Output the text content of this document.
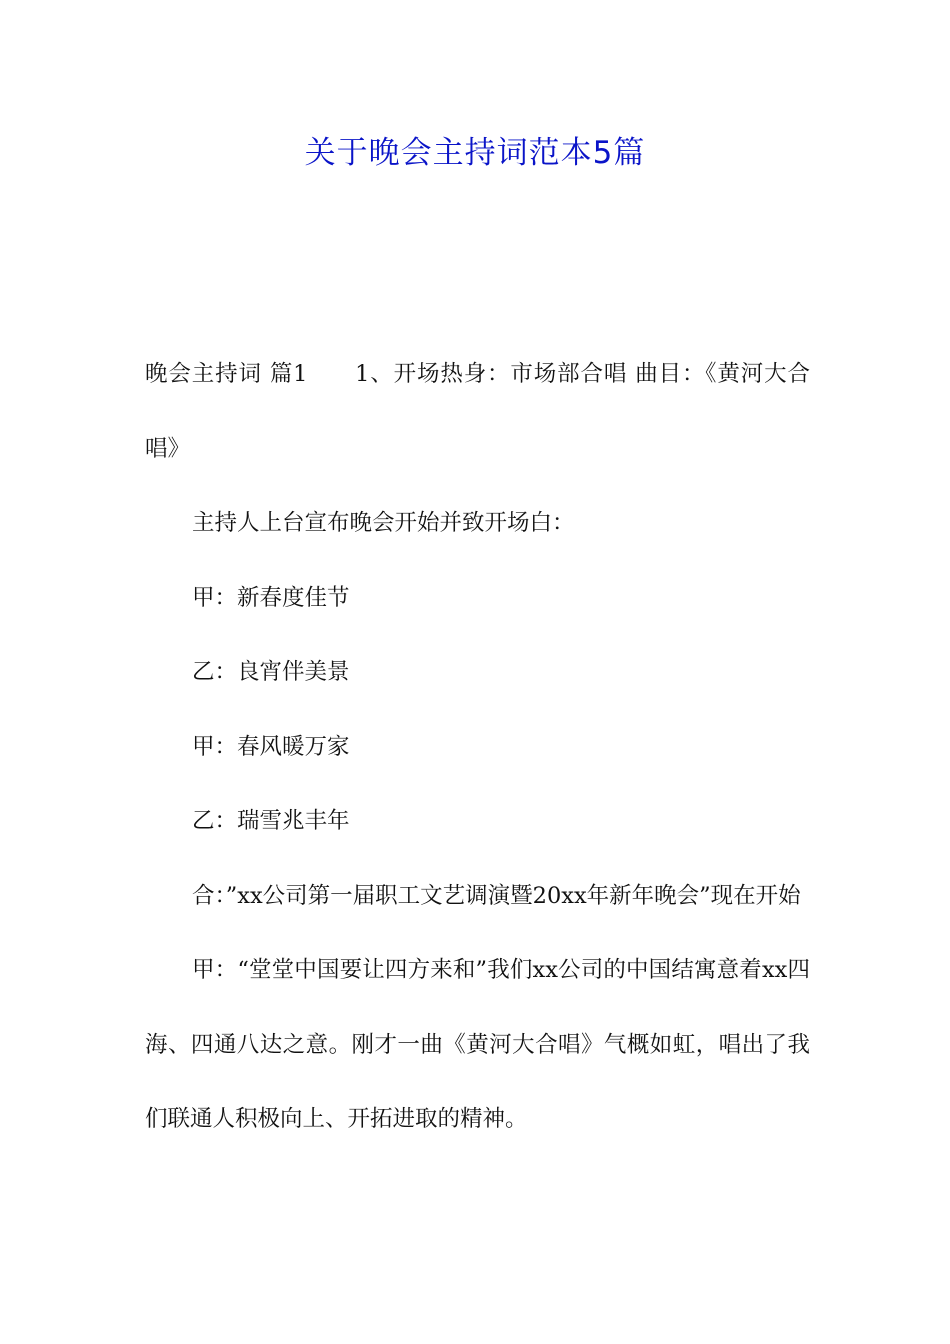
关于晚会主持词范本5篇

晚会主持词 篇1　　1、开场热身：市场部合唱 曲目：《黄河大合唱》

主持人上台宣布晚会开始并致开场白：

甲：新春度佳节

乙：良宵伴美景

甲：春风暖万家

乙：瑞雪兆丰年

合：”xx公司第一届职工文艺调演暨20xx年新年晚会”现在开始

甲：“堂堂中国要让四方来和”我们xx公司的中国结寓意着xx四海、四通八达之意。刚才一曲《黄河大合唱》气概如虹，唱出了我们联通人积极向上、开拓进取的精神。
